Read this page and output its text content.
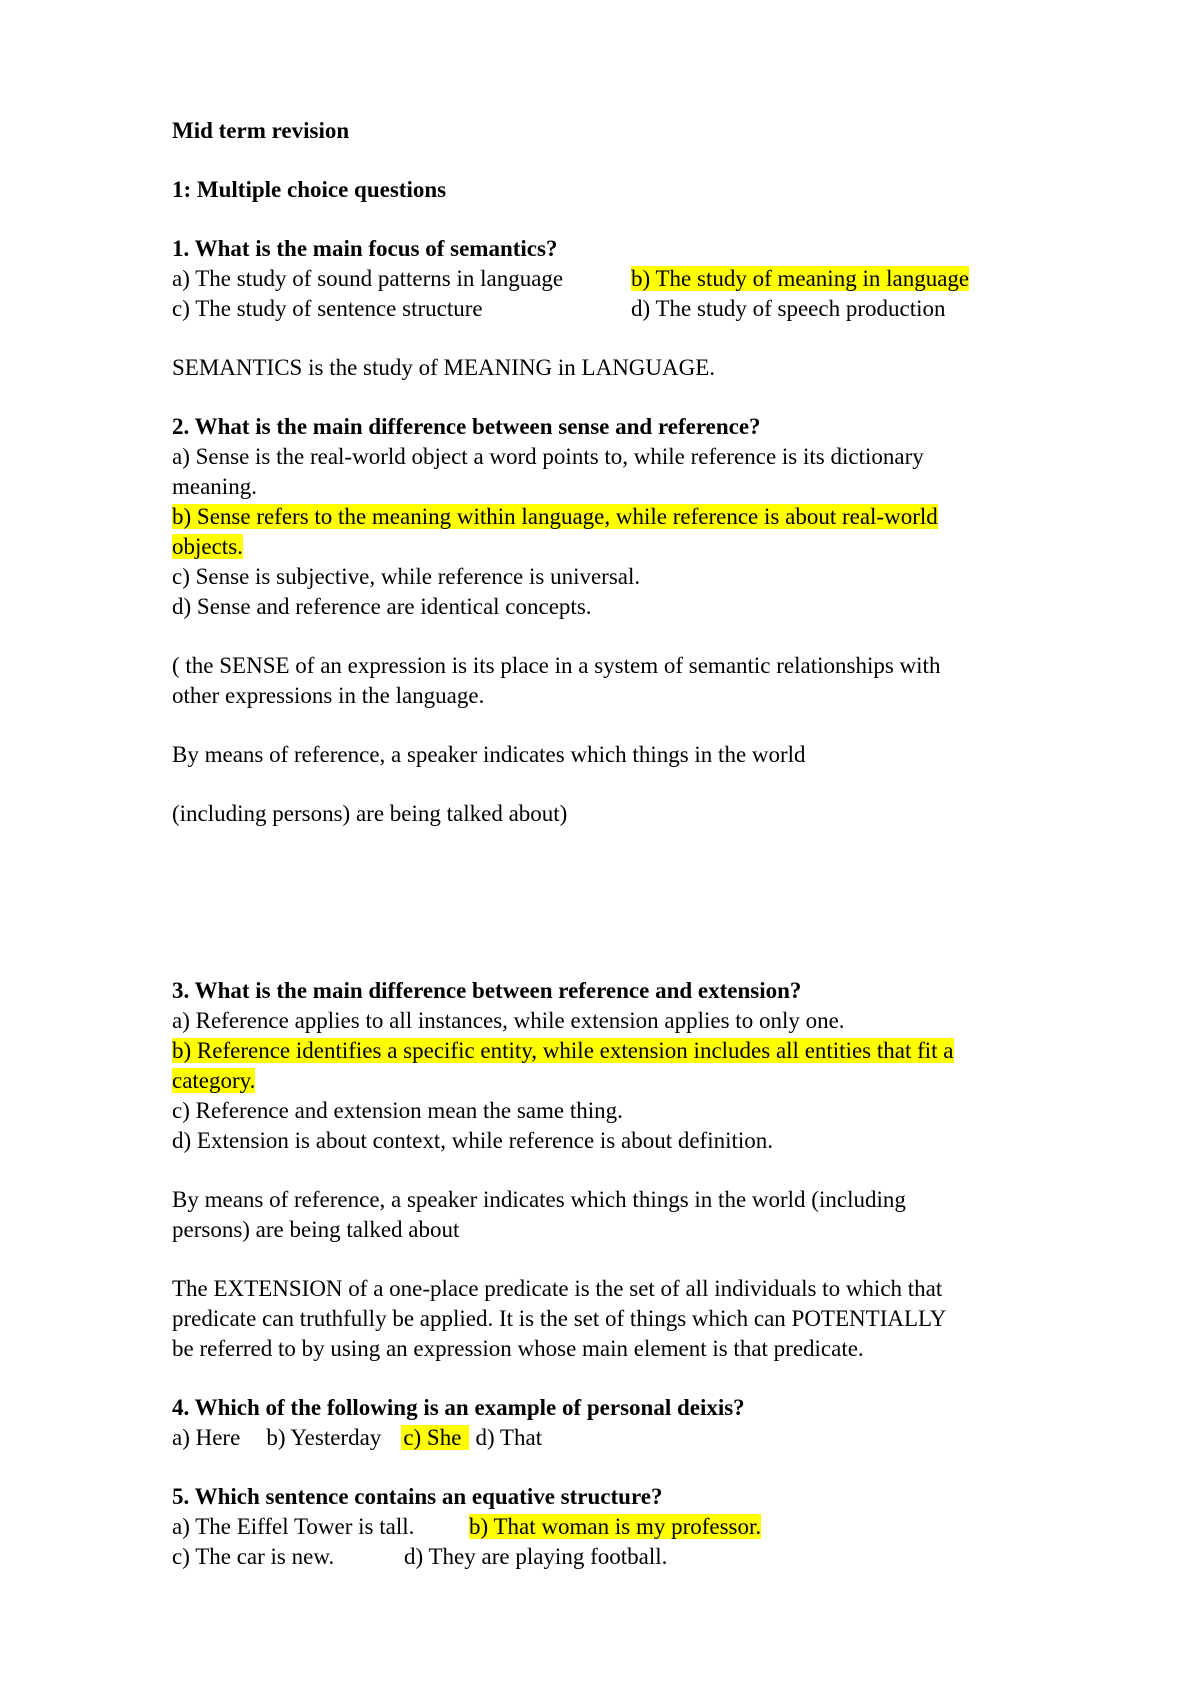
Mid term revision
1: Multiple choice questions
1. What is the main focus of semantics?
a) The study of sound patterns in language	b) The study of meaning in language
c) The study of sentence structure	d) The study of speech production
SEMANTICS is the study of MEANING in LANGUAGE.
2. What is the main difference between sense and reference?
a) Sense is the real-world object a word points to, while reference is its dictionary
meaning.
b) Sense refers to the meaning within language, while reference is about real-world
objects.
c) Sense is subjective, while reference is universal.
d) Sense and reference are identical concepts.
( the SENSE of an expression is its place in a system of semantic relationships with
other expressions in the language.
By means of reference, a speaker indicates which things in the world
(including persons) are being talked about)
3. What is the main difference between reference and extension?
a) Reference applies to all instances, while extension applies to only one.
b) Reference identifies a specific entity, while extension includes all entities that fit a
category.
c) Reference and extension mean the same thing.
d) Extension is about context, while reference is about definition.
By means of reference, a speaker indicates which things in the world (including
persons) are being talked about
The EXTENSION of a one-place predicate is the set of all individuals to which that
predicate can truthfully be applied. It is the set of things which can POTENTIALLY
be referred to by using an expression whose main element is that predicate.
4. Which of the following is an example of personal deixis?
a) Here b) Yesterday c) She d) That
5. Which sentence contains an equative structure?
a) The Eiffel Tower is tall. b) That woman is my professor.
c) The car is new.	d) They are playing football.
